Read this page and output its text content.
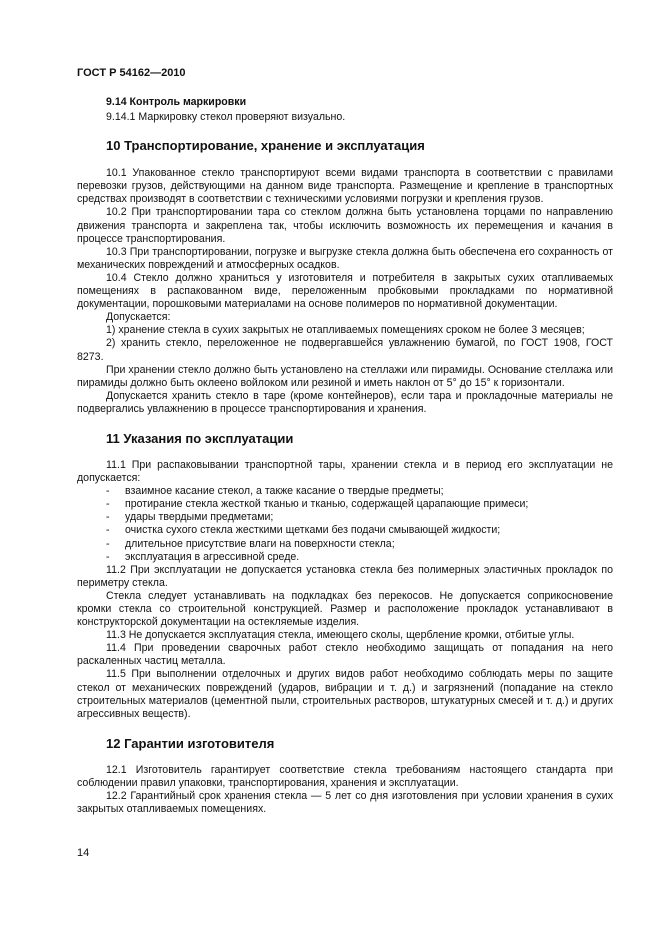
ГОСТ Р 54162—2010

9.14 Контроль маркировки

9.14.1 Маркировку стекол проверяют визуально.

10 Транспортирование, хранение и эксплуатация

10.1 Упакованное стекло транспортируют всеми видами транспорта в соответствии с правилами перевозки грузов, действующими на данном виде транспорта. Размещение и крепление в транспортных средствах производят в соответствии с техническими условиями погрузки и крепления грузов.

10.2 При транспортировании тара со стеклом должна быть установлена торцами по направлению движения транспорта и закреплена так, чтобы исключить возможность их перемещения и качания в процессе транспортирования.

10.3 При транспортировании, погрузке и выгрузке стекла должна быть обеспечена его сохранность от механических повреждений и атмосферных осадков.

10.4 Стекло должно храниться у изготовителя и потребителя в закрытых сухих отапливаемых помещениях в распакованном виде, переложенным пробковыми прокладками по нормативной документации, порошковыми материалами на основе полимеров по нормативной документации.

Допускается:

1) хранение стекла в сухих закрытых не отапливаемых помещениях сроком не более 3 месяцев;

2) хранить стекло, переложенное не подвергавшейся увлажнению бумагой, по ГОСТ 1908, ГОСТ 8273.

При хранении стекло должно быть установлено на стеллажи или пирамиды. Основание стеллажа или пирамиды должно быть оклеено войлоком или резиной и иметь наклон от 5° до 15° к горизонтали.

Допускается хранить стекло в таре (кроме контейнеров), если тара и прокладочные материалы не подвергались увлажнению в процессе транспортирования и хранения.

11 Указания по эксплуатации

11.1 При распаковывании транспортной тары, хранении стекла и в период его эксплуатации не допускается:

- взаимное касание стекол, а также касание о твердые предметы;

- протирание стекла жесткой тканью и тканью, содержащей царапающие примеси;

- удары твердыми предметами;

- очистка сухого стекла жесткими щетками без подачи смывающей жидкости;

- длительное присутствие влаги на поверхности стекла;

- эксплуатация в агрессивной среде.

11.2 При эксплуатации не допускается установка стекла без полимерных эластичных прокладок по периметру стекла.

Стекла следует устанавливать на подкладках без перекосов. Не допускается соприкосновение кромки стекла со строительной конструкцией. Размер и расположение прокладок устанавливают в конструкторской документации на остекляемые изделия.

11.3 Не допускается эксплуатация стекла, имеющего сколы, щербление кромки, отбитые углы.

11.4 При проведении сварочных работ стекло необходимо защищать от попадания на него раскаленных частиц металла.

11.5 При выполнении отделочных и других видов работ необходимо соблюдать меры по защите стекол от механических повреждений (ударов, вибрации и т. д.) и загрязнений (попадание на стекло строительных материалов (цементной пыли, строительных растворов, штукатурных смесей и т. д.) и других агрессивных веществ).

12 Гарантии изготовителя

12.1 Изготовитель гарантирует соответствие стекла требованиям настоящего стандарта при соблюдении правил упаковки, транспортирования, хранения и эксплуатации.

12.2 Гарантийный срок хранения стекла — 5 лет со дня изготовления при условии хранения в сухих закрытых отапливаемых помещениях.

14
